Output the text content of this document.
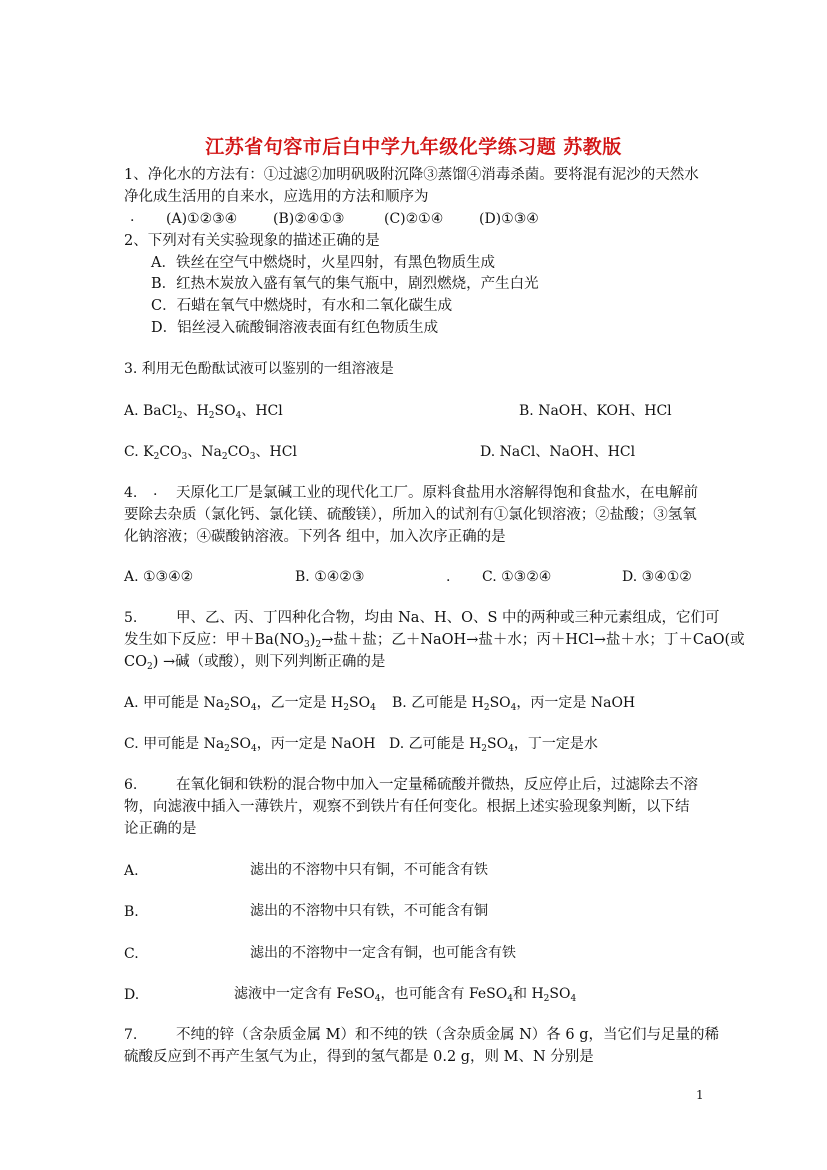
江苏省句容市后白中学九年级化学练习题 苏教版
1、净化水的方法有：①过滤②加明矾吸附沉降③蒸馏④消毒杀菌。要将混有泥沙的天然水
净化成生活用的自来水，应选用的方法和顺序为
. (A)①②③④	(B)②④①③	(C)②①④	(D)①③④
2、下列对有关实验现象的描述正确的是
A．铁丝在空气中燃烧时，火星四射，有黑色物质生成
B．红热木炭放入盛有氧气的集气瓶中，剧烈燃烧，产生白光
C．石蜡在氧气中燃烧时，有水和二氧化碳生成
D．铝丝浸入硫酸铜溶液表面有红色物质生成
3. 利用无色酚酞试液可以鉴别的一组溶液是
A. BaCl$_2$、$H_2SO_4$、HCl	B. NaOH、KOH、HCl
C. $K_2CO_3$、$Na_2CO_3$、HCl	D. NaCl、NaOH、HCl
4. . 天原化工厂是氯碱工业的现代化工厂。原料食盐用水溶解得饱和食盐水，在电解前
要除去杂质（氯化钙、氯化镁、硫酸镁），所加入的试剂有①氯化钡溶液；②盐酸；③氢氧
化钠溶液；④碳酸钠溶液。下列各 组中，加入次序正确的是
A. ①③④②	B. ①④②③	. C. ①③②④	D. ③④①②
5.	甲、乙、丙、丁四种化合物，均由 Na、H、O、S 中的两种或三种元素组成，它们可
发生如下反应：甲$+Ba(NO_3)_2\to$盐＋盐；乙＋NaOH→盐＋水；丙＋HCl→盐＋水；丁＋CaO(或
$CO_2$) →碱（或酸），则下列判断正确的是
A. 甲可能是 $Na_2SO_4$，乙一定是 $H_2SO_4$ B. 乙可能是 $H_2SO_4$，丙一定是 NaOH
C. 甲可能是 $Na_2SO_4$，丙一定是 NaOH D. 乙可能是 $H_2SO_4$，丁一定是水
6.	在氧化铜和铁粉的混合物中加入一定量稀硫酸并微热，反应停止后，过滤除去不溶
物，向滤液中插入一薄铁片，观察不到铁片有任何变化。根据上述实验现象判断，以下结
论正确的是
A.	滤出的不溶物中只有铜，不可能含有铁
B.	滤出的不溶物中只有铁，不可能含有铜
C.	滤出的不溶物中一定含有铜，也可能含有铁
D.	滤液中一定含有 FeSO$_4$，也可能含有 FeSO$_4$和 $H_2SO_4$
7.	不纯的锌（含杂质金属 M）和不纯的铁（含杂质金属 N）各 6 g，当它们与足量的稀
硫酸反应到不再产生氢气为止，得到的氢气都是 0.2 g，则 M、N 分别是
1
